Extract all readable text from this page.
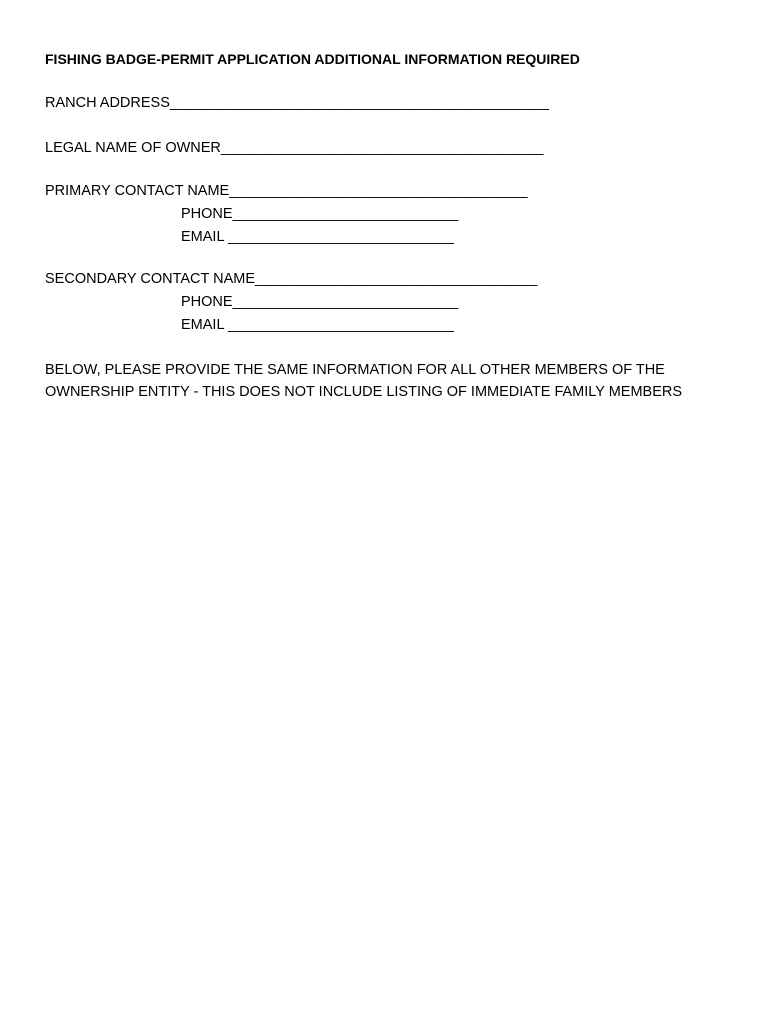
FISHING BADGE-PERMIT APPLICATION ADDITIONAL INFORMATION REQUIRED
RANCH ADDRESS_______________________________________________
LEGAL NAME OF OWNER________________________________________
PRIMARY CONTACT NAME_____________________________________
PHONE____________________________
EMAIL ____________________________
SECONDARY CONTACT NAME___________________________________
PHONE____________________________
EMAIL ____________________________
BELOW, PLEASE PROVIDE THE SAME INFORMATION FOR ALL OTHER MEMBERS OF THE
OWNERSHIP ENTITY - THIS DOES NOT INCLUDE LISTING OF IMMEDIATE FAMILY MEMBERS
